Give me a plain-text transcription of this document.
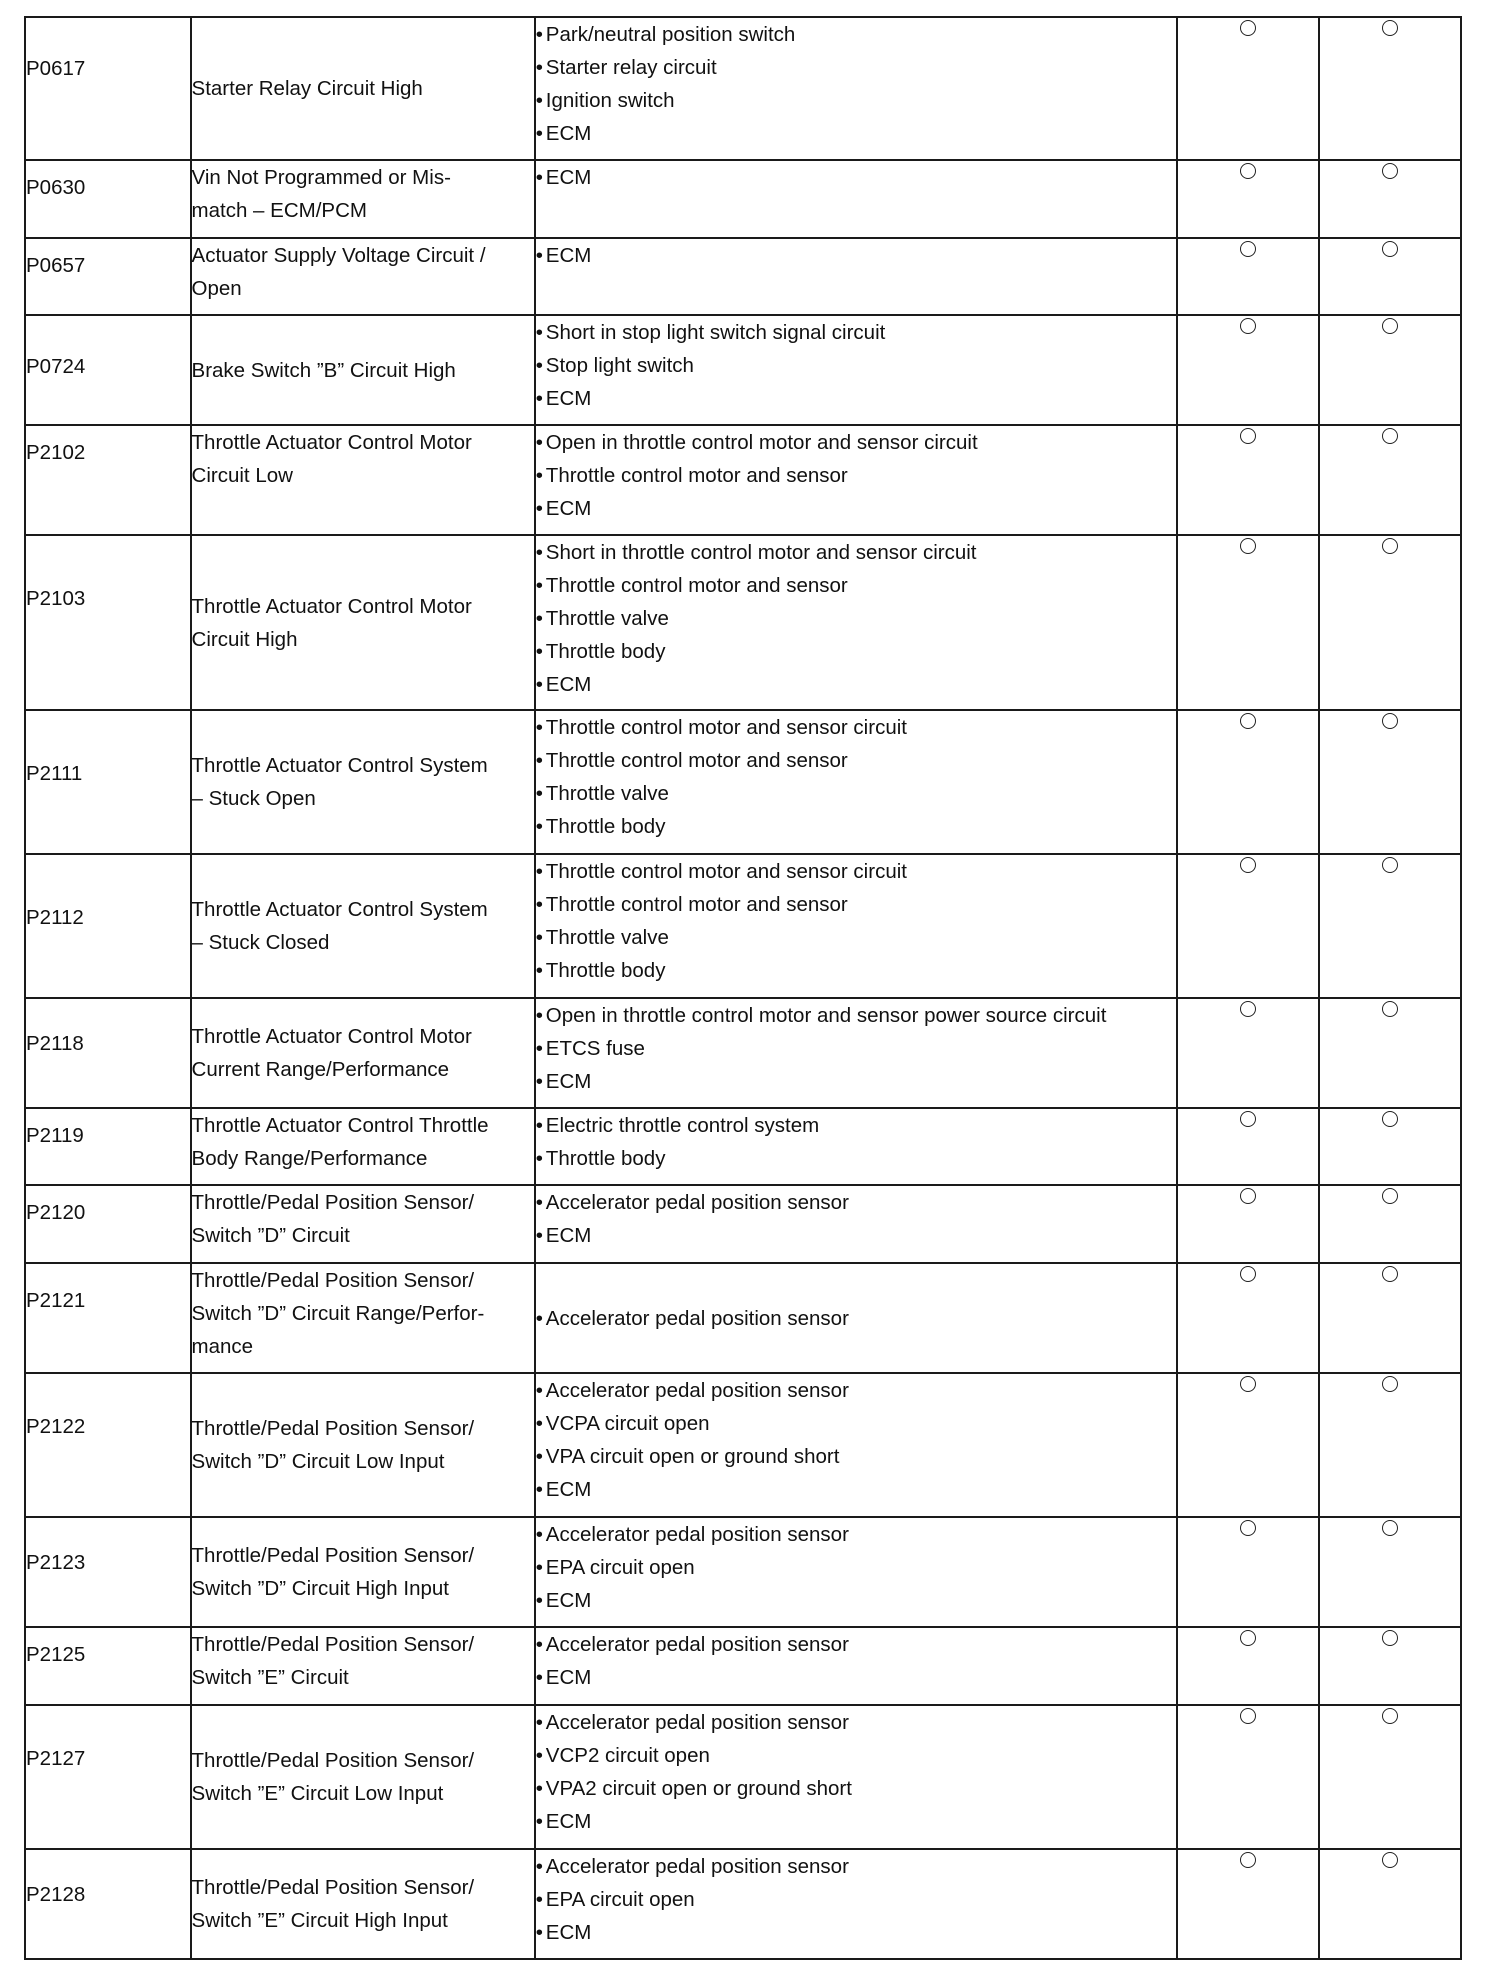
P0617	Starter Relay Circuit High	• Park/neutral position switch
• Starter relay circuit
• Ignition switch
• ECM		

P0630	Vin Not Programmed or Mis-
match – ECM/PCM	• ECM		

P0657	Actuator Supply Voltage Circuit /
Open	• ECM		

P0724	Brake Switch ”B” Circuit High	• Short in stop light switch signal circuit
• Stop light switch
• ECM		

P2102	Throttle Actuator Control Motor
Circuit Low	• Open in throttle control motor and sensor circuit
• Throttle control motor and sensor
• ECM		

P2103	Throttle Actuator Control Motor
Circuit High	• Short in throttle control motor and sensor circuit
• Throttle control motor and sensor
• Throttle valve
• Throttle body
• ECM		

P2111	Throttle Actuator Control System
– Stuck Open	• Throttle control motor and sensor circuit
• Throttle control motor and sensor
• Throttle valve
• Throttle body		

P2112	Throttle Actuator Control System
– Stuck Closed	• Throttle control motor and sensor circuit
• Throttle control motor and sensor
• Throttle valve
• Throttle body		

P2118	Throttle Actuator Control Motor
Current Range/Performance	• Open in throttle control motor and sensor power source circuit
• ETCS fuse
• ECM		

P2119	Throttle Actuator Control Throttle
Body Range/Performance	• Electric throttle control system
• Throttle body		

P2120	Throttle/Pedal Position Sensor/
Switch ”D” Circuit	• Accelerator pedal position sensor
• ECM		

P2121	Throttle/Pedal Position Sensor/
Switch ”D” Circuit Range/Perfor-
mance	• Accelerator pedal position sensor		

P2122	Throttle/Pedal Position Sensor/
Switch ”D” Circuit Low Input	• Accelerator pedal position sensor
• VCPA circuit open
• VPA circuit open or ground short
• ECM		

P2123	Throttle/Pedal Position Sensor/
Switch ”D” Circuit High Input	• Accelerator pedal position sensor
• EPA circuit open
• ECM		

P2125	Throttle/Pedal Position Sensor/
Switch ”E” Circuit	• Accelerator pedal position sensor
• ECM		

P2127	Throttle/Pedal Position Sensor/
Switch ”E” Circuit Low Input	• Accelerator pedal position sensor
• VCP2 circuit open
• VPA2 circuit open or ground short
• ECM		

P2128	Throttle/Pedal Position Sensor/
Switch ”E” Circuit High Input	• Accelerator pedal position sensor
• EPA circuit open
• ECM		
